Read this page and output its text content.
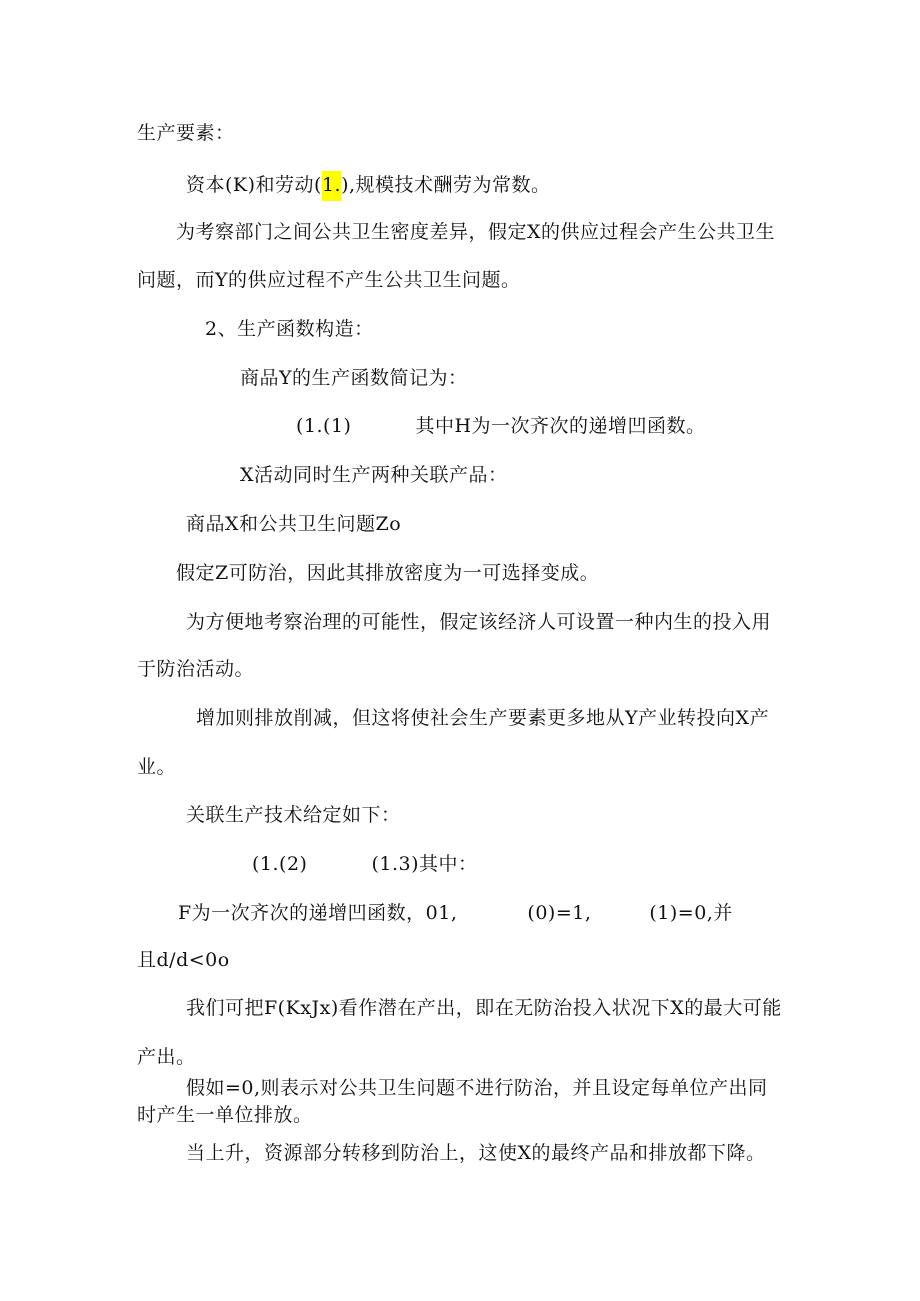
生产要素：
资本(K)和劳动(1.),规模技术酬劳为常数。
为考察部门之间公共卫生密度差异，假定X的供应过程会产生公共卫生
问题，而Y的供应过程不产生公共卫生问题。
2、生产函数构造：
商品Y的生产函数简记为：
(1.(1)	其中H为一次齐次的递增凹函数。
X活动同时生产两种关联产品：
商品X和公共卫生问题Zo
假定Z可防治，因此其排放密度为一可选择变成。
为方便地考察治理的可能性，假定该经济人可设置一种内生的投入用
于防治活动。
增加则排放削减，但这将使社会生产要素更多地从Y产业转投向X产
业。
关联生产技术给定如下：
(1.(2)	(1.3)其中：
F为一次齐次的递增凹函数，01,	(0)=1,	(1)=0,并
且d/d<0o
我们可把F(KxJx)看作潜在产出，即在无防治投入状况下X的最大可能
产出。
假如=0,则表示对公共卫生问题不进行防治，并且设定每单位产出同
时产生一单位排放。
当上升，资源部分转移到防治上，这使X的最终产品和排放都下降。
